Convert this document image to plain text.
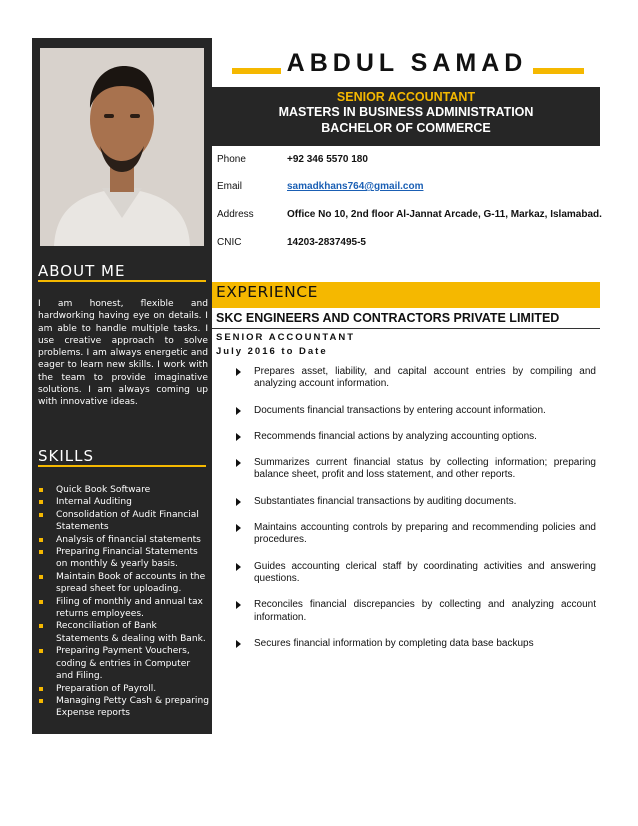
ABOUT ME
I am honest, flexible and hardworking having eye on details. I am able to handle multiple tasks. I use creative approach to solve problems. I am always energetic and eager to learn new skills. I work with the team to provide imaginative solutions. I am always coming up with innovative ideas.
SKILLS
Quick Book Software
Internal Auditing
Consolidation of Audit Financial Statements
Analysis of financial statements
Preparing Financial Statements on monthly & yearly basis.
Maintain Book of accounts in the spread sheet for uploading.
Filing of monthly and annual tax returns employees.
Reconciliation of Bank Statements & dealing with Bank.
Preparing Payment Vouchers, coding & entries in Computer and Filing.
Preparation of Payroll.
Managing Petty Cash & preparing Expense reports
ABDUL SAMAD
SENIOR ACCOUNTANT
MASTERS IN BUSINESS ADMINISTRATION
BACHELOR OF COMMERCE
Phone	+92 346 5570 180
Email	samadkhans764@gmail.com
Address	Office No 10, 2nd floor Al-Jannat Arcade, G-11, Markaz, Islamabad.
CNIC	14203-2837495-5
EXPERIENCE
SKC ENGINEERS AND CONTRACTORS PRIVATE LIMITED
SENIOR ACCOUNTANT
July 2016 to Date
Prepares asset, liability, and capital account entries by compiling and analyzing account information.
Documents financial transactions by entering account information.
Recommends financial actions by analyzing accounting options.
Summarizes current financial status by collecting information; preparing balance sheet, profit and loss statement, and other reports.
Substantiates financial transactions by auditing documents.
Maintains accounting controls by preparing and recommending policies and procedures.
Guides accounting clerical staff by coordinating activities and answering questions.
Reconciles financial discrepancies by collecting and analyzing account information.
Secures financial information by completing data base backups
